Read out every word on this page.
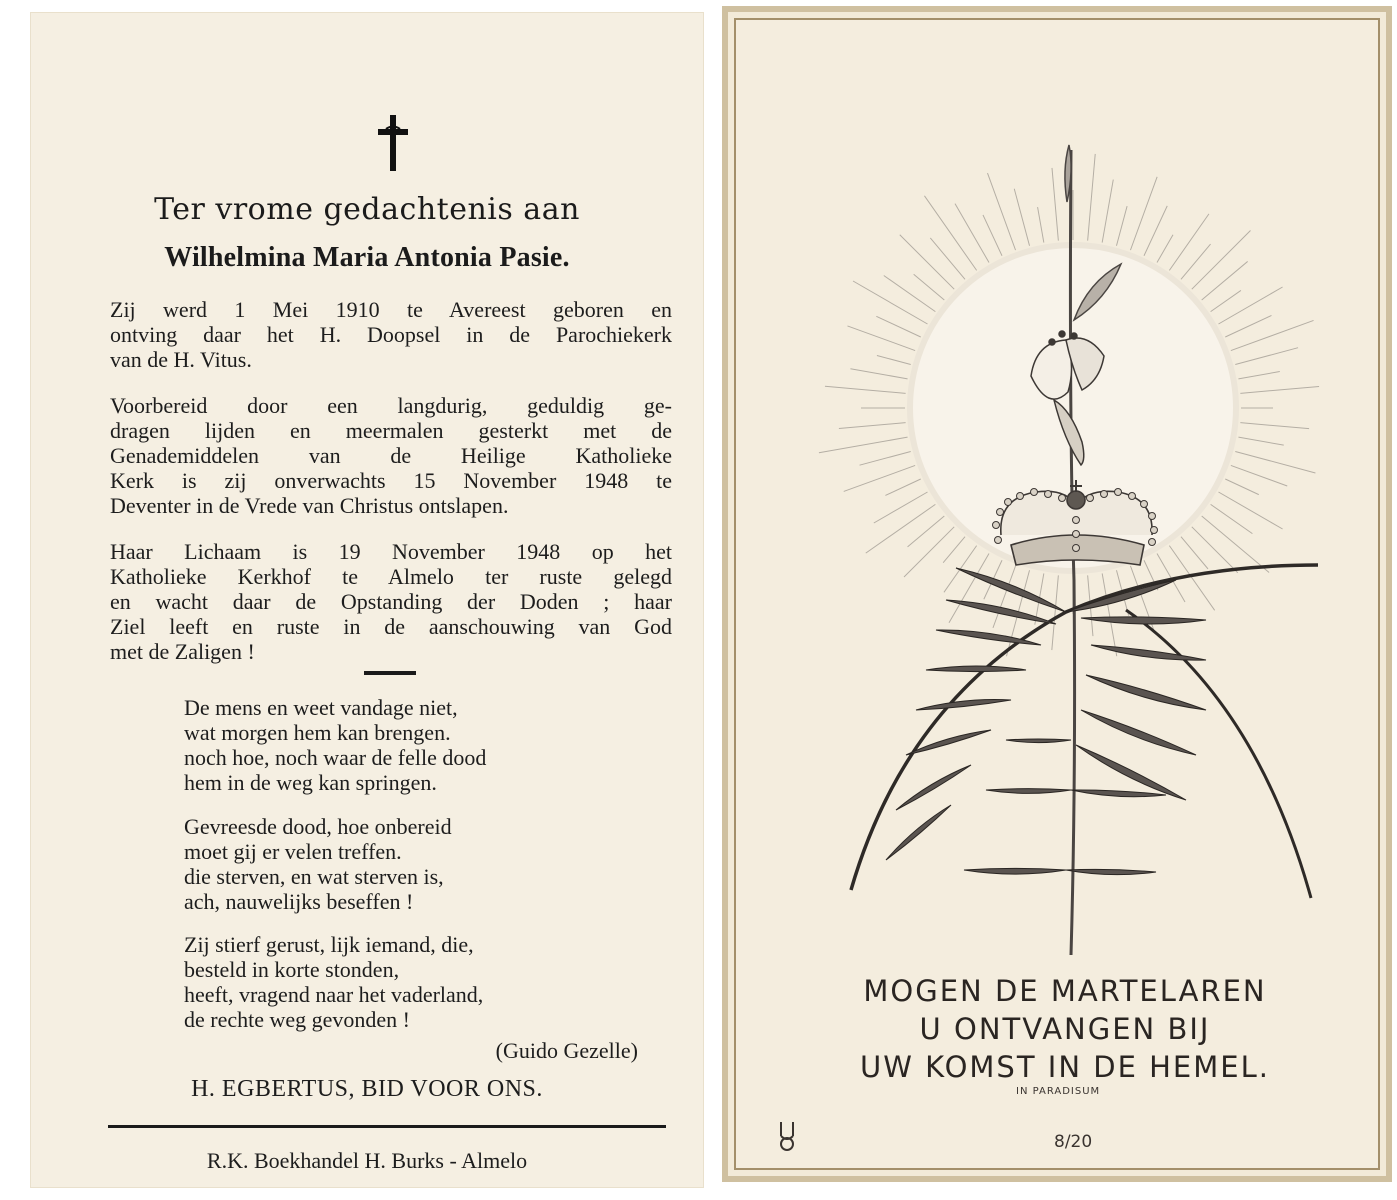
Ter vrome gedachtenis aan
Wilhelmina Maria Antonia Pasie.
Zij werd 1 Mei 1910 te Avereest geboren en
ontving daar het H. Doopsel in de Parochiekerk
van de H. Vitus.
Voorbereid door een langdurig, geduldig ge-
dragen lijden en meermalen gesterkt met de
Genademiddelen van de Heilige Katholieke
Kerk is zij onverwachts 15 November 1948 te
Deventer in de Vrede van Christus ontslapen.
Haar Lichaam is 19 November 1948 op het
Katholieke Kerkhof te Almelo ter ruste gelegd
en wacht daar de Opstanding der Doden ; haar
Ziel leeft en ruste in de aanschouwing van God
met de Zaligen !
De mens en weet vandage niet,
wat morgen hem kan brengen.
noch hoe, noch waar de felle dood
hem in de weg kan springen.
Gevreesde dood, hoe onbereid
moet gij er velen treffen.
die sterven, en wat sterven is,
ach, nauwelijks beseffen !
Zij stierf gerust, lijk iemand, die,
besteld in korte stonden,
heeft, vragend naar het vaderland,
de rechte weg gevonden !
(Guido Gezelle)
H. EGBERTUS, BID VOOR ONS.
R.K. Boekhandel H. Burks - Almelo
MOGEN DE MARTELAREN
U ONTVANGEN BIJ
UW KOMST IN DE HEMEL.
IN PARADISUM
8/20
